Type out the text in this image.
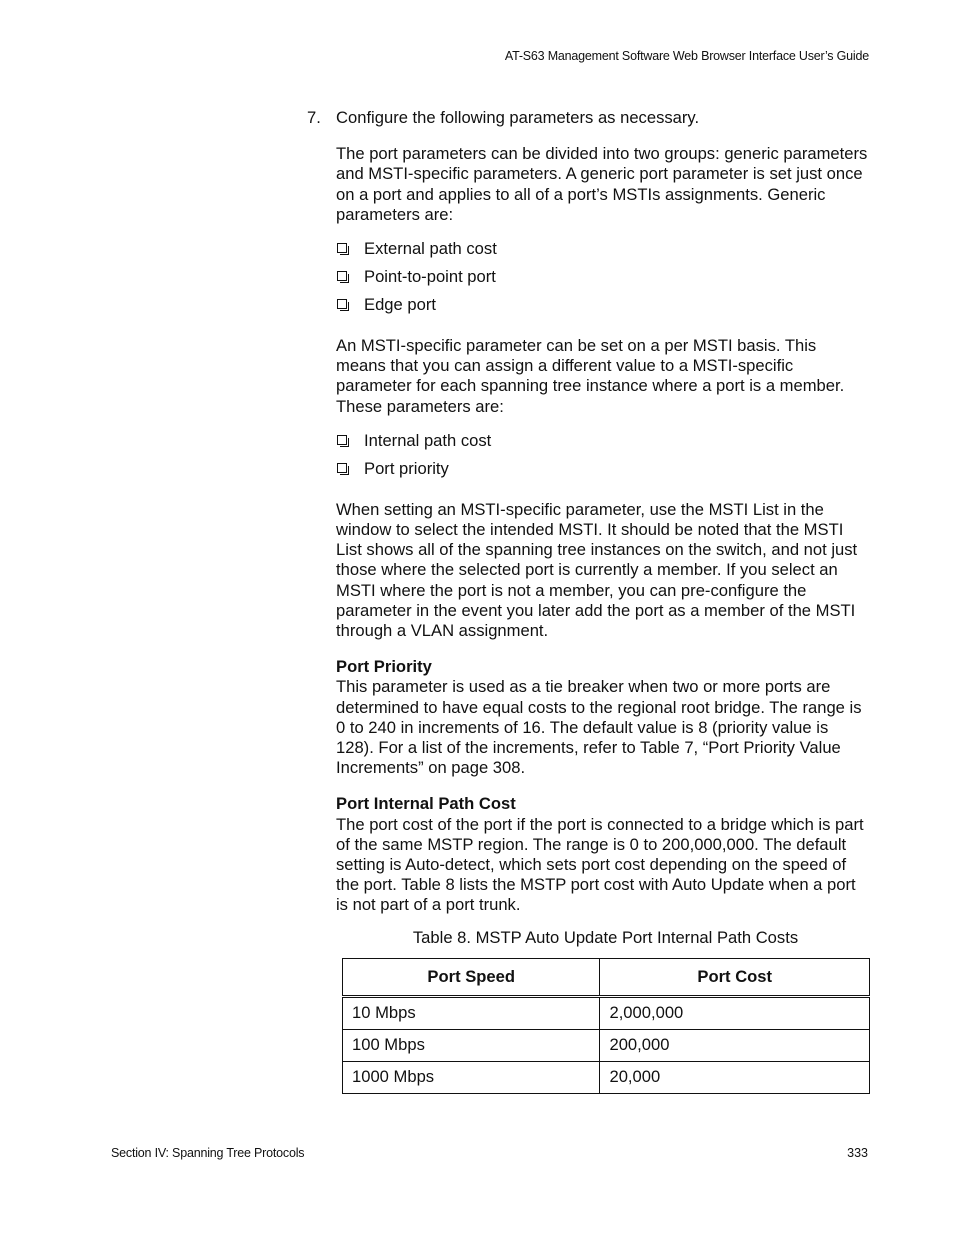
AT-S63 Management Software Web Browser Interface User’s Guide
7. Configure the following parameters as necessary.

The port parameters can be divided into two groups: generic parameters and MSTI-specific parameters. A generic port parameter is set just once on a port and applies to all of a port’s MSTIs assignments. Generic parameters are:

External path cost
Point-to-point port
Edge port

An MSTI-specific parameter can be set on a per MSTI basis. This means that you can assign a different value to a MSTI-specific parameter for each spanning tree instance where a port is a member. These parameters are:

Internal path cost
Port priority

When setting an MSTI-specific parameter, use the MSTI List in the window to select the intended MSTI. It should be noted that the MSTI List shows all of the spanning tree instances on the switch, and not just those where the selected port is currently a member. If you select an MSTI where the port is not a member, you can pre-configure the parameter in the event you later add the port as a member of the MSTI through a VLAN assignment.

Port Priority
This parameter is used as a tie breaker when two or more ports are determined to have equal costs to the regional root bridge. The range is 0 to 240 in increments of 16. The default value is 8 (priority value is 128). For a list of the increments, refer to Table 7, “Port Priority Value Increments” on page 308.
Port Internal Path Cost
The port cost of the port if the port is connected to a bridge which is part of the same MSTP region. The range is 0 to 200,000,000. The default setting is Auto-detect, which sets port cost depending on the speed of the port. Table 8 lists the MSTP port cost with Auto Update when a port is not part of a port trunk.
Table 8. MSTP Auto Update Port Internal Path Costs
Port Speed	Port Cost
10 Mbps	2,000,000
100 Mbps	200,000
1000 Mbps	20,000
Section IV: Spanning Tree Protocols	333
